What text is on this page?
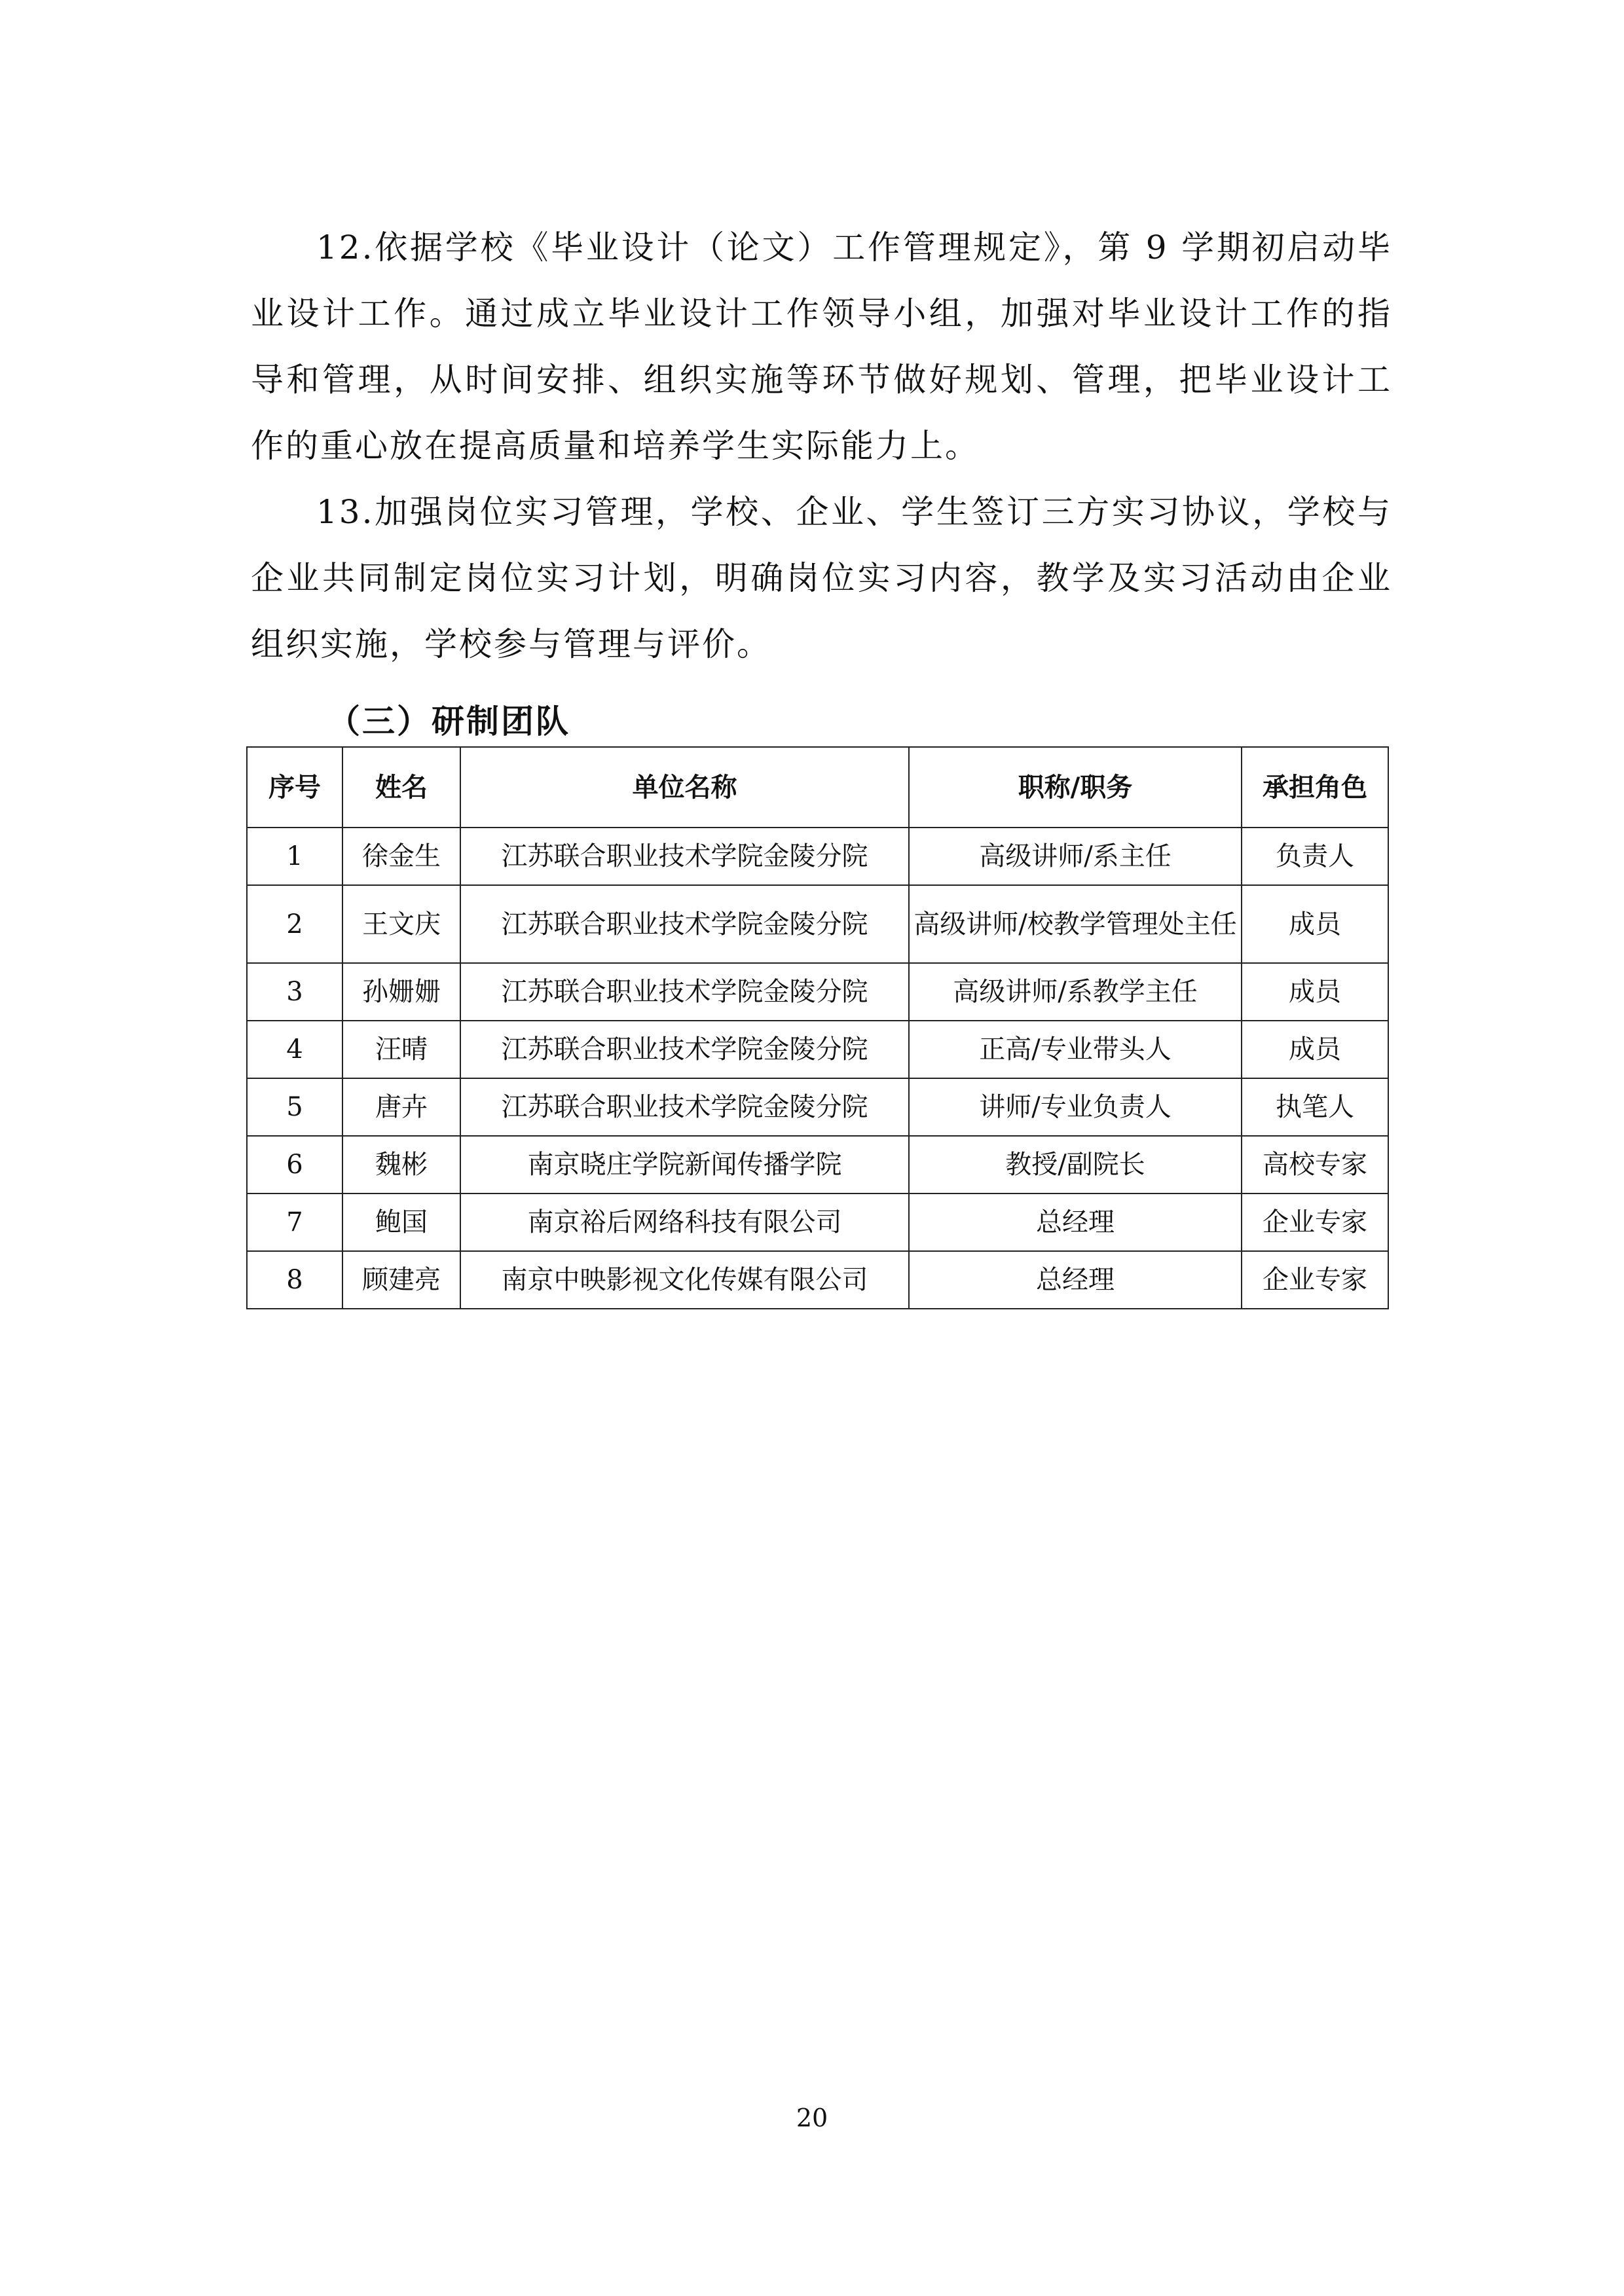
12.依据学校《毕业设计（论文）工作管理规定》，第 9 学期初启动毕业设计工作。通过成立毕业设计工作领导小组，加强对毕业设计工作的指导和管理，从时间安排、组织实施等环节做好规划、管理，把毕业设计工作的重心放在提高质量和培养学生实际能力上。

13.加强岗位实习管理，学校、企业、学生签订三方实习协议，学校与企业共同制定岗位实习计划，明确岗位实习内容，教学及实习活动由企业组织实施，学校参与管理与评价。

（三）研制团队
序号	姓名	单位名称	职称/职务	承担角色
1	徐金生	江苏联合职业技术学院金陵分院	高级讲师/系主任	负责人
2	王文庆	江苏联合职业技术学院金陵分院	高级讲师/校教学管理处主任	成员
3	孙姗姗	江苏联合职业技术学院金陵分院	高级讲师/系教学主任	成员
4	汪晴	江苏联合职业技术学院金陵分院	正高/专业带头人	成员
5	唐卉	江苏联合职业技术学院金陵分院	讲师/专业负责人	执笔人
6	魏彬	南京晓庄学院新闻传播学院	教授/副院长	高校专家
7	鲍国	南京裕后网络科技有限公司	总经理	企业专家
8	顾建亮	南京中映影视文化传媒有限公司	总经理	企业专家
20
